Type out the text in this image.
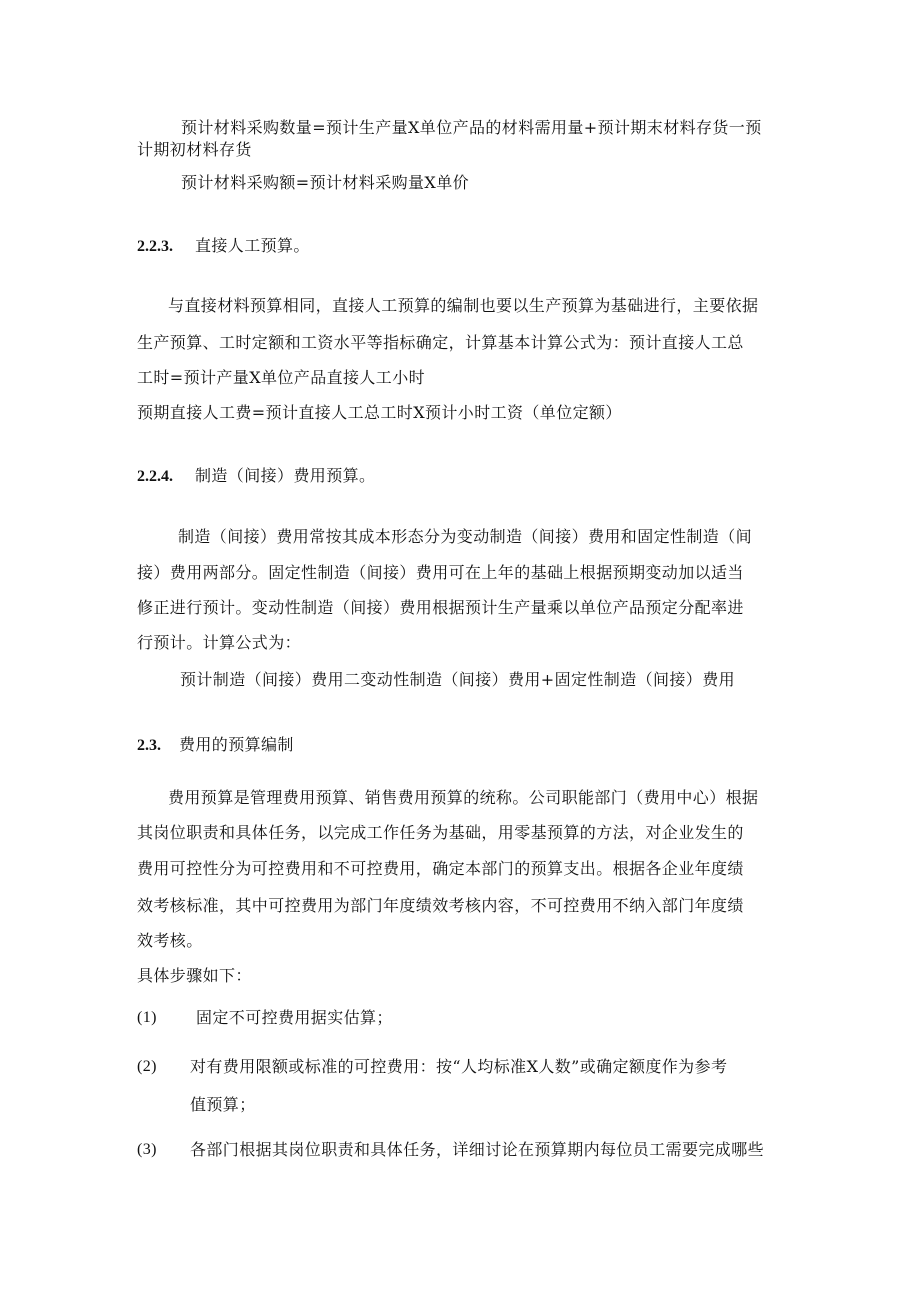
预计材料采购数量=预计生产量X单位产品的材料需用量+预计期末材料存货一预
计期初材料存货
预计材料采购额=预计材料采购量X单价
2.2.3. 直接人工预算。
与直接材料预算相同，直接人工预算的编制也要以生产预算为基础进行，主要依据
生产预算、工时定额和工资水平等指标确定，计算基本计算公式为：预计直接人工总
工时=预计产量X单位产品直接人工小时
预期直接人工费=预计直接人工总工时X预计小时工资（单位定额）
2.2.4. 制造（间接）费用预算。
制造（间接）费用常按其成本形态分为变动制造（间接）费用和固定性制造（间
接）费用两部分。固定性制造（间接）费用可在上年的基础上根据预期变动加以适当
修正进行预计。变动性制造（间接）费用根据预计生产量乘以单位产品预定分配率进
行预计。计算公式为：
预计制造（间接）费用二变动性制造（间接）费用+固定性制造（间接）费用
2.3. 费用的预算编制
费用预算是管理费用预算、销售费用预算的统称。公司职能部门（费用中心）根据
其岗位职责和具体任务，以完成工作任务为基础，用零基预算的方法，对企业发生的
费用可控性分为可控费用和不可控费用，确定本部门的预算支出。根据各企业年度绩
效考核标准，其中可控费用为部门年度绩效考核内容，不可控费用不纳入部门年度绩
效考核。
具体步骤如下：
(1) 固定不可控费用据实估算；
(2) 对有费用限额或标准的可控费用：按“人均标准X人数”或确定额度作为参考
值预算；
(3) 各部门根据其岗位职责和具体任务，详细讨论在预算期内每位员工需要完成哪些
